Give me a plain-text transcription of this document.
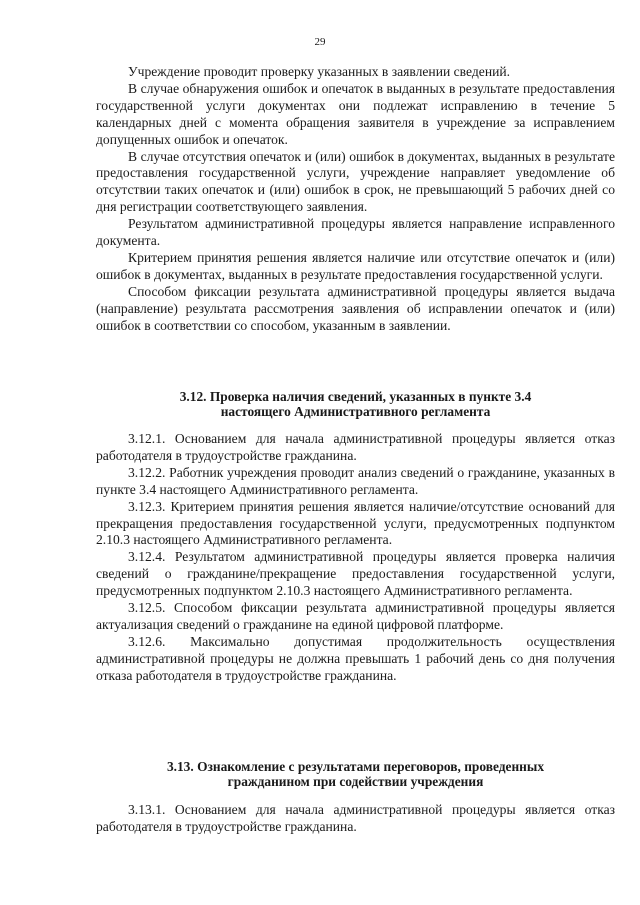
29

Учреждение проводит проверку указанных в заявлении сведений.

В случае обнаружения ошибок и опечаток в выданных в результате предоставления государственной услуги документах они подлежат исправлению в течение 5 календарных дней с момента обращения заявителя в учреждение за исправлением допущенных ошибок и опечаток.

В случае отсутствия опечаток и (или) ошибок в документах, выданных в результате предоставления государственной услуги, учреждение направляет уведомление об отсутствии таких опечаток и (или) ошибок в срок, не превышающий 5 рабочих дней со дня регистрации соответствующего заявления.

Результатом административной процедуры является направление исправленного документа.

Критерием принятия решения является наличие или отсутствие опечаток и (или) ошибок в документах, выданных в результате предоставления государственной услуги.

Способом фиксации результата административной процедуры является выдача (направление) результата рассмотрения заявления об исправлении опечаток и (или) ошибок в соответствии со способом, указанным в заявлении.

3.12. Проверка наличия сведений, указанных в пункте 3.4
настоящего Административного регламента

3.12.1. Основанием для начала административной процедуры является отказ работодателя в трудоустройстве гражданина.

3.12.2. Работник учреждения проводит анализ сведений о гражданине, указанных в пункте 3.4 настоящего Административного регламента.

3.12.3. Критерием принятия решения является наличие/отсутствие оснований для прекращения предоставления государственной услуги, предусмотренных подпунктом 2.10.3 настоящего Административного регламента.

3.12.4. Результатом административной процедуры является проверка наличия сведений о гражданине/прекращение предоставления государственной услуги, предусмотренных подпунктом 2.10.3 настоящего Административного регламента.

3.12.5. Способом фиксации результата административной процедуры является актуализация сведений о гражданине на единой цифровой платформе.

3.12.6. Максимально допустимая продолжительность осуществления административной процедуры не должна превышать 1 рабочий день со дня получения отказа работодателя в трудоустройстве гражданина.

3.13. Ознакомление с результатами переговоров, проведенных
гражданином при содействии учреждения

3.13.1. Основанием для начала административной процедуры является отказ работодателя в трудоустройстве гражданина.
